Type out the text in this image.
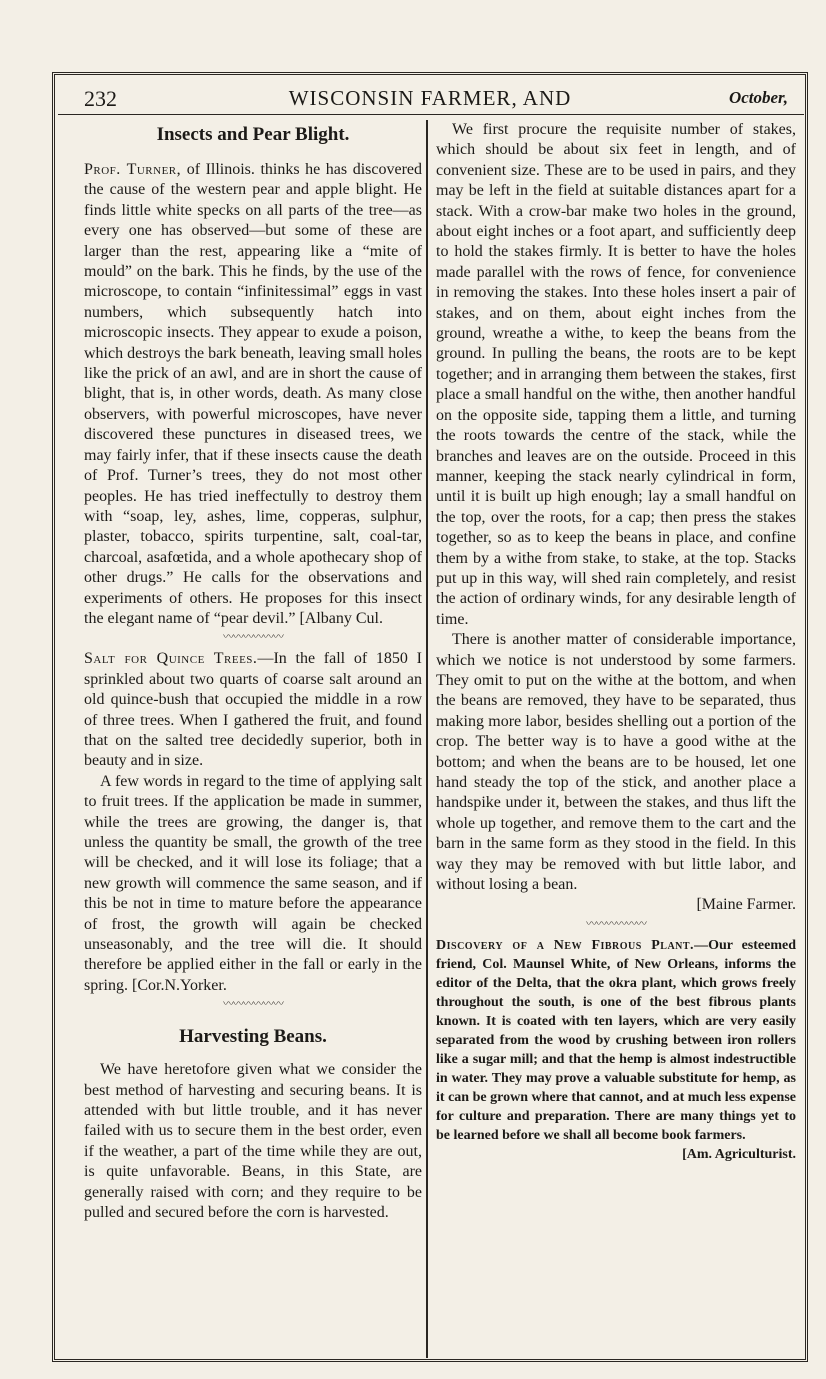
232	WISCONSIN FARMER, AND	October,
Insects and Pear Blight.

Prof. Turner, of Illinois. thinks he has discovered the cause of the western pear and apple blight. He finds little white specks on all parts of the tree—as every one has observed—but some of these are larger than the rest, appearing like a “mite of mould” on the bark. This he finds, by the use of the microscope, to contain “infinitessimal” eggs in vast numbers, which subsequently hatch into microscopic insects. They appear to exude a poison, which destroys the bark beneath, leaving small holes like the prick of an awl, and are in short the cause of blight, that is, in other words, death. As many close observers, with powerful microscopes, have never discovered these punctures in diseased trees, we may fairly infer, that if these insects cause the death of Prof. Turner’s trees, they do not most other peoples. He has tried ineffectully to destroy them with “soap, ley, ashes, lime, copperas, sulphur, plaster, tobacco, spirits turpentine, salt, coal-tar, charcoal, asafœtida, and a whole apothecary shop of other drugs.” He calls for the observations and experiments of others. He proposes for this insect the elegant name of “pear devil.” [Albany Cul.

〰〰〰〰〰〰

Salt for Quince Trees.—In the fall of 1850 I sprinkled about two quarts of coarse salt around an old quince-bush that occupied the middle in a row of three trees. When I gathered the fruit, and found that on the salted tree decidedly superior, both in beauty and in size.

A few words in regard to the time of applying salt to fruit trees. If the application be made in summer, while the trees are growing, the danger is, that unless the quantity be small, the growth of the tree will be checked, and it will lose its foliage; that a new growth will commence the same season, and if this be not in time to mature before the appearance of frost, the growth will again be checked unseasonably, and the tree will die. It should therefore be applied either in the fall or early in the spring. [Cor.N.Yorker.

〰〰〰〰〰〰
Harvesting Beans.

We have heretofore given what we consider the best method of harvesting and securing beans. It is attended with but little trouble, and it has never failed with us to secure them in the best order, even if the weather, a part of the time while they are out, is quite unfavorable. Beans, in this State, are generally raised with corn; and they require to be pulled and secured before the corn is harvested.

We first procure the requisite number of stakes, which should be about six feet in length, and of convenient size. These are to be used in pairs, and they may be left in the field at suitable distances apart for a stack. With a crow-bar make two holes in the ground, about eight inches or a foot apart, and sufficiently deep to hold the stakes firmly. It is better to have the holes made parallel with the rows of fence, for convenience in removing the stakes. Into these holes insert a pair of stakes, and on them, about eight inches from the ground, wreathe a withe, to keep the beans from the ground. In pulling the beans, the roots are to be kept together; and in arranging them between the stakes, first place a small handful on the withe, then another handful on the opposite side, tapping them a little, and turning the roots towards the centre of the stack, while the branches and leaves are on the outside. Proceed in this manner, keeping the stack nearly cylindrical in form, until it is built up high enough; lay a small handful on the top, over the roots, for a cap; then press the stakes together, so as to keep the beans in place, and confine them by a withe from stake, to stake, at the top. Stacks put up in this way, will shed rain completely, and resist the action of ordinary winds, for any desirable length of time.

There is another matter of considerable importance, which we notice is not understood by some farmers. They omit to put on the withe at the bottom, and when the beans are removed, they have to be separated, thus making more labor, besides shelling out a portion of the crop. The better way is to have a good withe at the bottom; and when the beans are to be housed, let one hand steady the top of the stick, and another place a handspike under it, between the stakes, and thus lift the whole up together, and remove them to the cart and the barn in the same form as they stood in the field. In this way they may be removed with but little labor, and without losing a bean.

[Maine Farmer.

〰〰〰〰〰〰

Discovery of a New Fibrous Plant.—Our esteemed friend, Col. Maunsel White, of New Orleans, informs the editor of the Delta, that the okra plant, which grows freely throughout the south, is one of the best fibrous plants known. It is coated with ten layers, which are very easily separated from the wood by crushing between iron rollers like a sugar mill; and that the hemp is almost indestructible in water. They may prove a valuable substitute for hemp, as it can be grown where that cannot, and at much less expense for culture and preparation. There are many things yet to be learned before we shall all become book farmers.
[Am. Agriculturist.
